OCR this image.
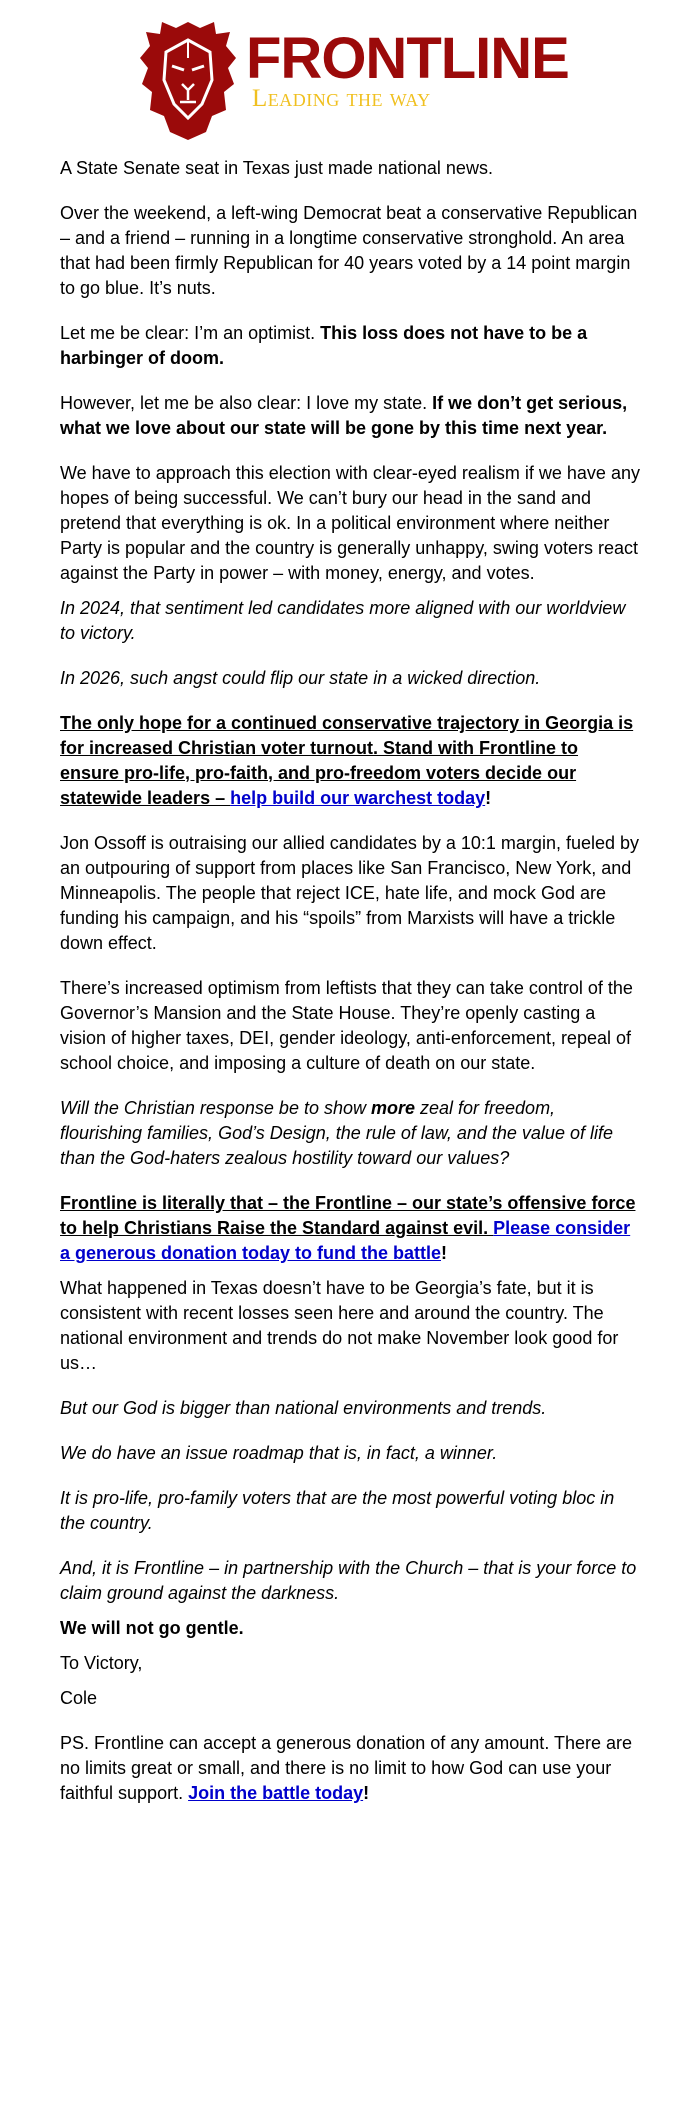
FRONTLINE
Leading the way

A State Senate seat in Texas just made national news.

Over the weekend, a left-wing Democrat beat a conservative Republican – and a friend – running in a longtime conservative stronghold. An area that had been firmly Republican for 40 years voted by a 14 point margin to go blue. It’s nuts.

Let me be clear: I’m an optimist. This loss does not have to be a harbinger of doom.

However, let me be also clear: I love my state. If we don’t get serious, what we love about our state will be gone by this time next year.

We have to approach this election with clear-eyed realism if we have any hopes of being successful. We can’t bury our head in the sand and pretend that everything is ok. In a political environment where neither Party is popular and the country is generally unhappy, swing voters react against the Party in power – with money, energy, and votes.

In 2024, that sentiment led candidates more aligned with our worldview to victory.

In 2026, such angst could flip our state in a wicked direction.

The only hope for a continued conservative trajectory in Georgia is for increased Christian voter turnout. Stand with Frontline to ensure pro-life, pro-faith, and pro-freedom voters decide our statewide leaders – help build our warchest today!

Jon Ossoff is outraising our allied candidates by a 10:1 margin, fueled by an outpouring of support from places like San Francisco, New York, and Minneapolis. The people that reject ICE, hate life, and mock God are funding his campaign, and his “spoils” from Marxists will have a trickle down effect.

There’s increased optimism from leftists that they can take control of the Governor’s Mansion and the State House. They’re openly casting a vision of higher taxes, DEI, gender ideology, anti-enforcement, repeal of school choice, and imposing a culture of death on our state.

Will the Christian response be to show more zeal for freedom, flourishing families, God’s Design, the rule of law, and the value of life than the God-haters zealous hostility toward our values?

Frontline is literally that – the Frontline – our state’s offensive force to help Christians Raise the Standard against evil. Please consider a generous donation today to fund the battle!

What happened in Texas doesn’t have to be Georgia’s fate, but it is consistent with recent losses seen here and around the country. The national environment and trends do not make November look good for us…

But our God is bigger than national environments and trends.

We do have an issue roadmap that is, in fact, a winner.

It is pro-life, pro-family voters that are the most powerful voting bloc in the country.

And, it is Frontline – in partnership with the Church – that is your force to claim ground against the darkness.

We will not go gentle.

To Victory,

Cole

PS. Frontline can accept a generous donation of any amount. There are no limits great or small, and there is no limit to how God can use your faithful support. Join the battle today!
